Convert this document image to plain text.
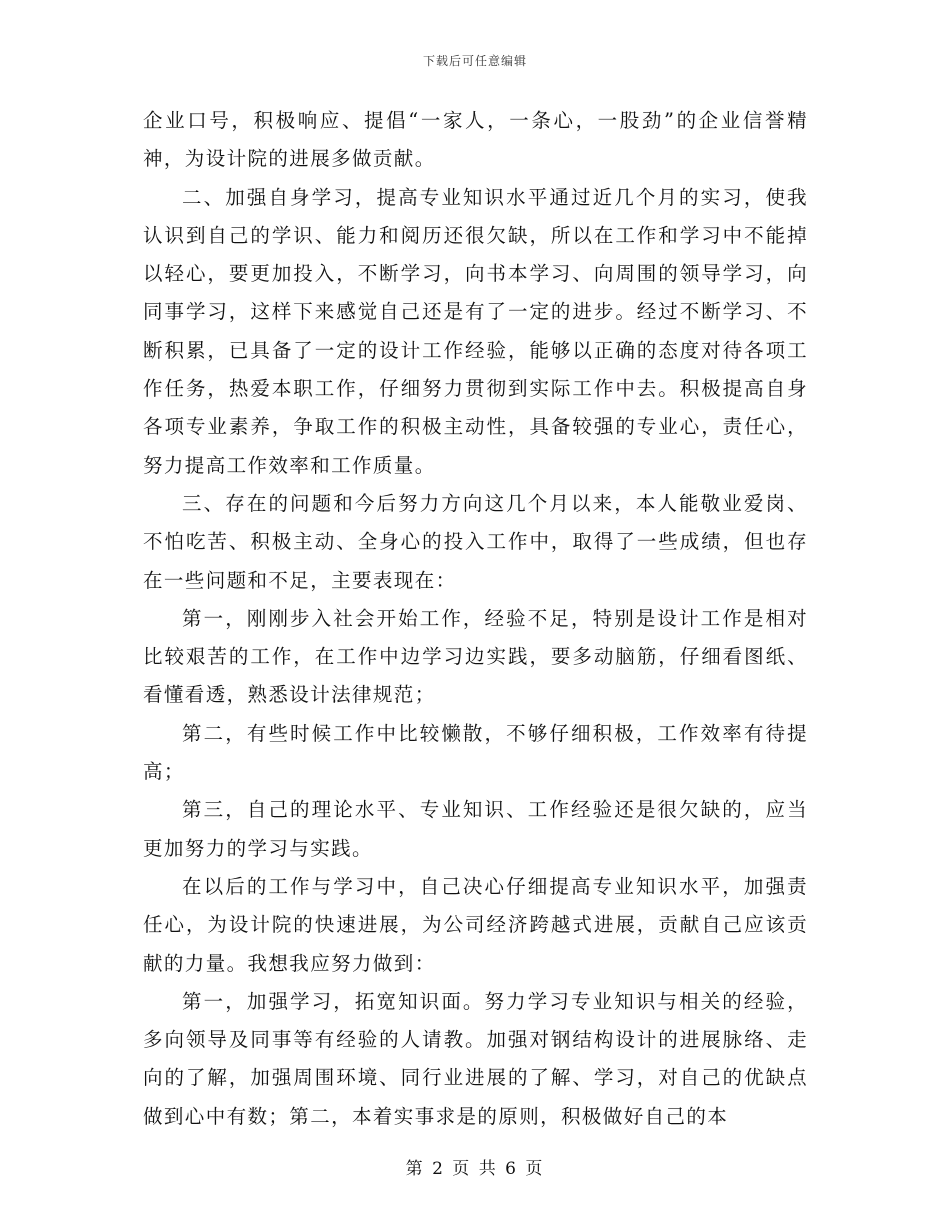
下载后可任意编辑

企业口号，积极响应、提倡“一家人，一条心，一股劲”的企业信誉精神，为设计院的进展多做贡献。

二、加强自身学习，提高专业知识水平通过近几个月的实习，使我认识到自己的学识、能力和阅历还很欠缺，所以在工作和学习中不能掉以轻心，要更加投入，不断学习，向书本学习、向周围的领导学习，向同事学习，这样下来感觉自己还是有了一定的进步。经过不断学习、不断积累，已具备了一定的设计工作经验，能够以正确的态度对待各项工作任务，热爱本职工作，仔细努力贯彻到实际工作中去。积极提高自身各项专业素养，争取工作的积极主动性，具备较强的专业心，责任心，努力提高工作效率和工作质量。

三、存在的问题和今后努力方向这几个月以来，本人能敬业爱岗、不怕吃苦、积极主动、全身心的投入工作中，取得了一些成绩，但也存在一些问题和不足，主要表现在：

第一，刚刚步入社会开始工作，经验不足，特别是设计工作是相对比较艰苦的工作，在工作中边学习边实践，要多动脑筋，仔细看图纸、看懂看透，熟悉设计法律规范；

第二，有些时候工作中比较懒散，不够仔细积极，工作效率有待提高；

第三，自己的理论水平、专业知识、工作经验还是很欠缺的，应当更加努力的学习与实践。

在以后的工作与学习中，自己决心仔细提高专业知识水平，加强责任心，为设计院的快速进展，为公司经济跨越式进展，贡献自己应该贡献的力量。我想我应努力做到：

第一，加强学习，拓宽知识面。努力学习专业知识与相关的经验，多向领导及同事等有经验的人请教。加强对钢结构设计的进展脉络、走向的了解，加强周围环境、同行业进展的了解、学习，对自己的优缺点做到心中有数；第二，本着实事求是的原则，积极做好自己的本

第 2 页 共 6 页
